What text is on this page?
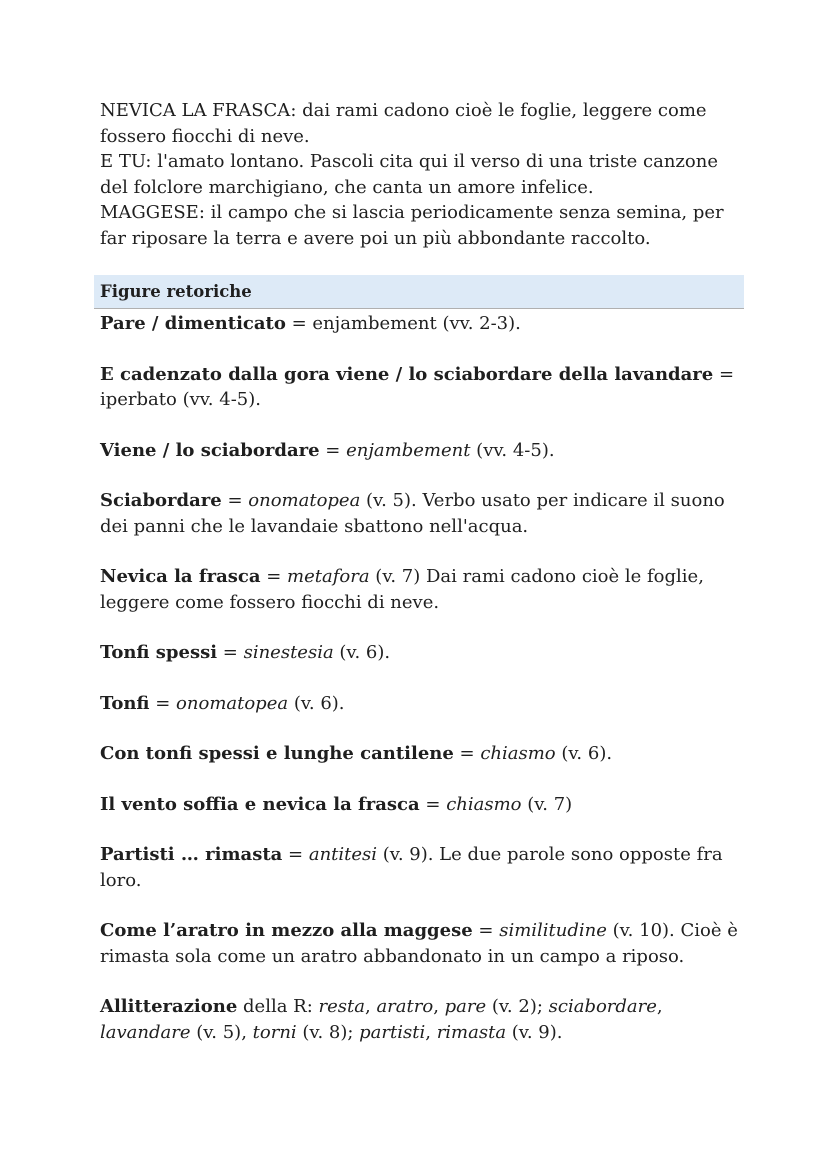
NEVICA LA FRASCA: dai rami cadono cioè le foglie, leggere come fossero fiocchi di neve.

E TU: l'amato lontano. Pascoli cita qui il verso di una triste canzone del folclore marchigiano, che canta un amore infelice.

MAGGESE: il campo che si lascia periodicamente senza semina, per far riposare la terra e avere poi un più abbondante raccolto.

Figure retoriche

Pare / dimenticato = enjambement (vv. 2-3).

E cadenzato dalla gora viene / lo sciabordare della lavandare = iperbato (vv. 4-5).

Viene / lo sciabordare = enjambement (vv. 4-5).

Sciabordare = onomatopea (v. 5). Verbo usato per indicare il suono dei panni che le lavandaie sbattono nell'acqua.

Nevica la frasca = metafora (v. 7) Dai rami cadono cioè le foglie, leggere come fossero fiocchi di neve.

Tonfi spessi = sinestesia (v. 6).

Tonfi = onomatopea (v. 6).

Con tonfi spessi e lunghe cantilene = chiasmo (v. 6).

Il vento soffia e nevica la frasca = chiasmo (v. 7)

Partisti … rimasta = antitesi (v. 9). Le due parole sono opposte fra loro.

Come l’aratro in mezzo alla maggese = similitudine (v. 10). Cioè è rimasta sola come un aratro abbandonato in un campo a riposo.

Allitterazione della R: resta, aratro, pare (v. 2); sciabordare, lavandare (v. 5), torni (v. 8); partisti, rimasta (v. 9).
